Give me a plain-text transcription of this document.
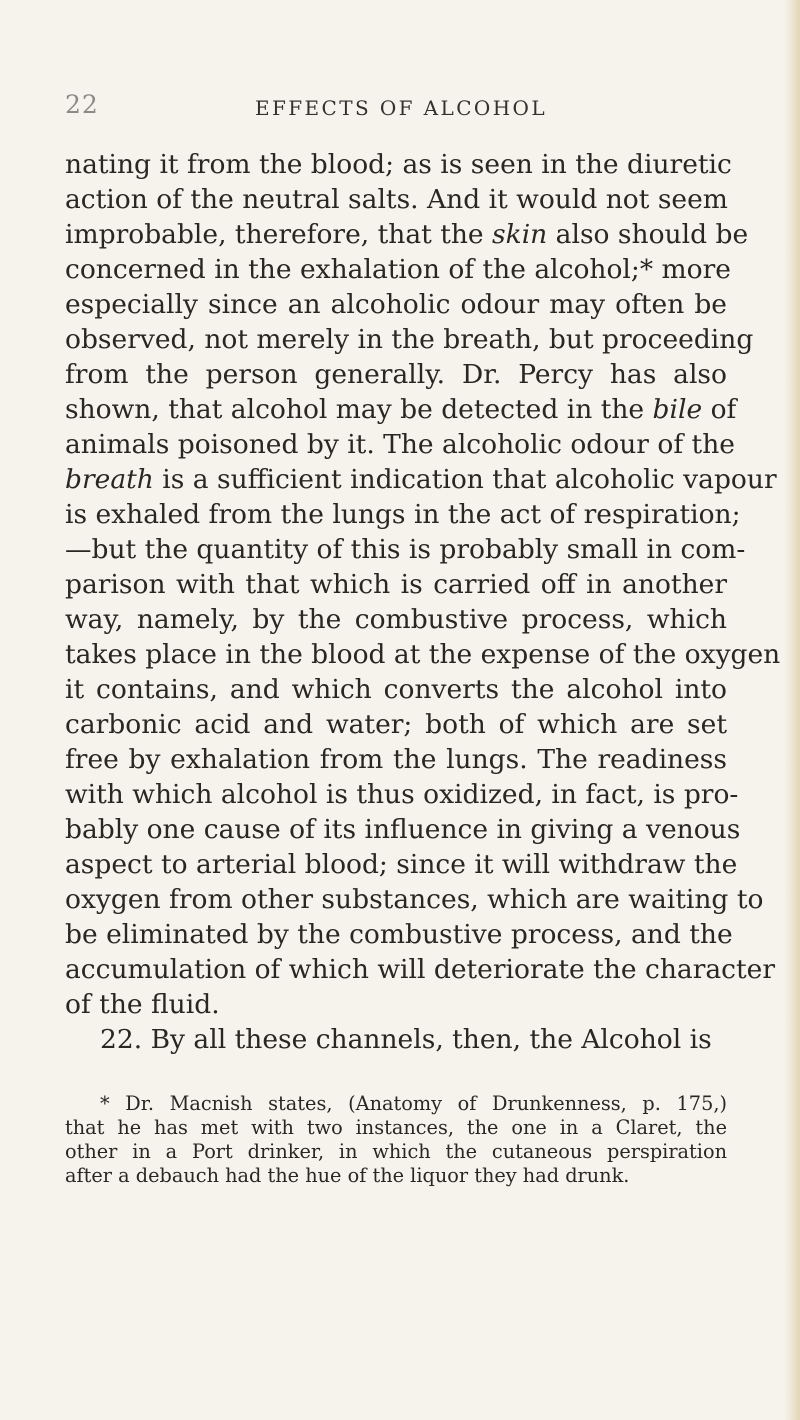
22	EFFECTS OF ALCOHOL
nating it from the blood; as is seen in the diuretic
action of the neutral salts. And it would not seem
improbable, therefore, that the skin also should be
concerned in the exhalation of the alcohol;* more
especially since an alcoholic odour may often be
observed, not merely in the breath, but proceeding
from the person generally. Dr. Percy has also
shown, that alcohol may be detected in the bile of
animals poisoned by it. The alcoholic odour of the
breath is a sufficient indication that alcoholic vapour
is exhaled from the lungs in the act of respiration;
—but the quantity of this is probably small in com-
parison with that which is carried off in another
way, namely, by the combustive process, which
takes place in the blood at the expense of the oxygen
it contains, and which converts the alcohol into
carbonic acid and water; both of which are set
free by exhalation from the lungs. The readiness
with which alcohol is thus oxidized, in fact, is pro-
bably one cause of its influence in giving a venous
aspect to arterial blood; since it will withdraw the
oxygen from other substances, which are waiting to
be eliminated by the combustive process, and the
accumulation of which will deteriorate the character
of the fluid.
22. By all these channels, then, the Alcohol is
* Dr. Macnish states, (Anatomy of Drunkenness, p. 175,)
that he has met with two instances, the one in a Claret, the
other in a Port drinker, in which the cutaneous perspiration
after a debauch had the hue of the liquor they had drunk.
